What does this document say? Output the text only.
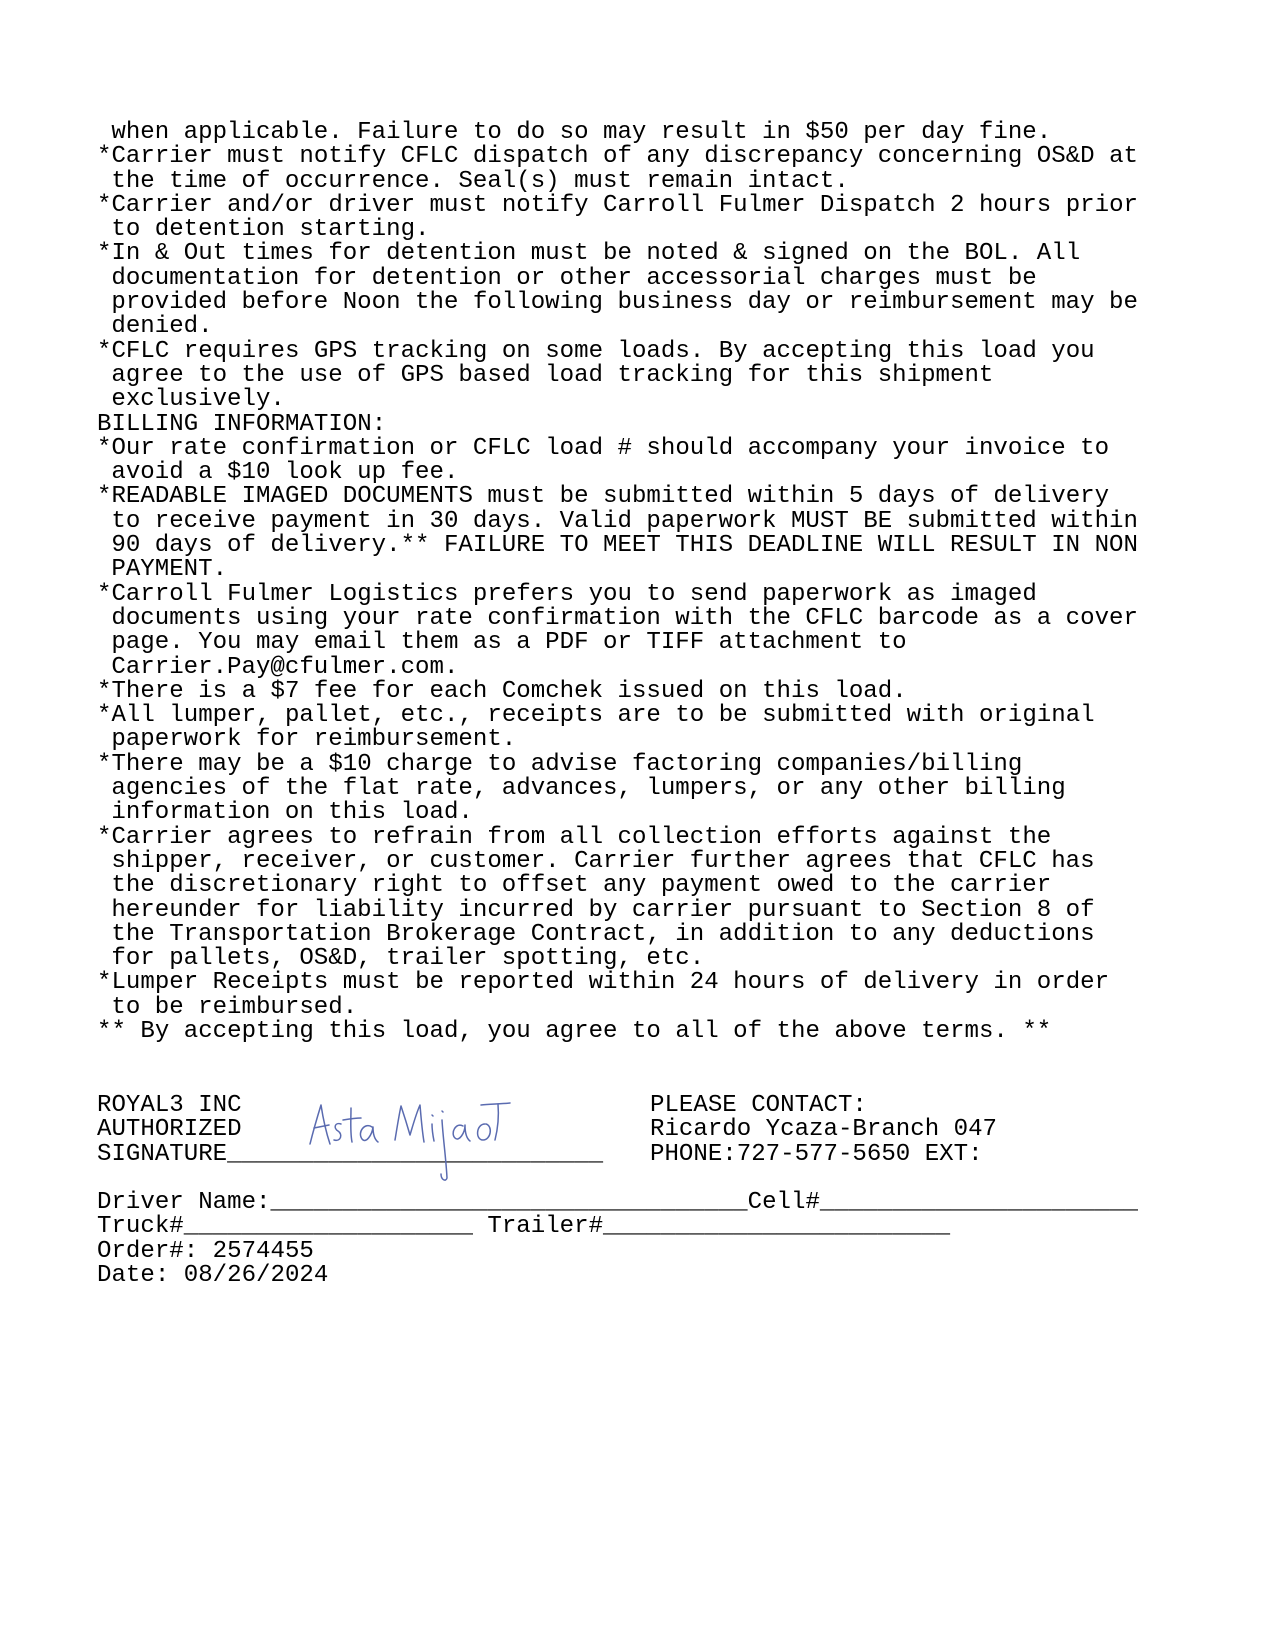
when applicable. Failure to do so may result in $50 per day fine.
*Carrier must notify CFLC dispatch of any discrepancy concerning OS&D at
the time of occurrence. Seal(s) must remain intact.
*Carrier and/or driver must notify Carroll Fulmer Dispatch 2 hours prior
to detention starting.
*In & Out times for detention must be noted & signed on the BOL. All
documentation for detention or other accessorial charges must be
provided before Noon the following business day or reimbursement may be
denied.
*CFLC requires GPS tracking on some loads. By accepting this load you
agree to the use of GPS based load tracking for this shipment
exclusively.
BILLING INFORMATION:
*Our rate confirmation or CFLC load # should accompany your invoice to
avoid a $10 look up fee.
*READABLE IMAGED DOCUMENTS must be submitted within 5 days of delivery
to receive payment in 30 days. Valid paperwork MUST BE submitted within
90 days of delivery.** FAILURE TO MEET THIS DEADLINE WILL RESULT IN NON
PAYMENT.
*Carroll Fulmer Logistics prefers you to send paperwork as imaged
documents using your rate confirmation with the CFLC barcode as a cover
page. You may email them as a PDF or TIFF attachment to
Carrier.Pay@cfulmer.com.
*There is a $7 fee for each Comchek issued on this load.
*All lumper, pallet, etc., receipts are to be submitted with original
paperwork for reimbursement.
*There may be a $10 charge to advise factoring companies/billing
agencies of the flat rate, advances, lumpers, or any other billing
information on this load.
*Carrier agrees to refrain from all collection efforts against the
shipper, receiver, or customer. Carrier further agrees that CFLC has
the discretionary right to offset any payment owed to the carrier
hereunder for liability incurred by carrier pursuant to Section 8 of
the Transportation Brokerage Contract, in addition to any deductions
for pallets, OS&D, trailer spotting, etc.
*Lumper Receipts must be reported within 24 hours of delivery in order
to be reimbursed.
** By accepting this load, you agree to all of the above terms. **
ROYAL3 INC
AUTHORIZED
SIGNATURE__________________________
PLEASE CONTACT:
Ricardo Ycaza-Branch 047
PHONE:727-577-5650 EXT:
Driver Name:_________________________________Cell#______________________
Truck#____________________ Trailer#________________________
Order#: 2574455
Date: 08/26/2024
